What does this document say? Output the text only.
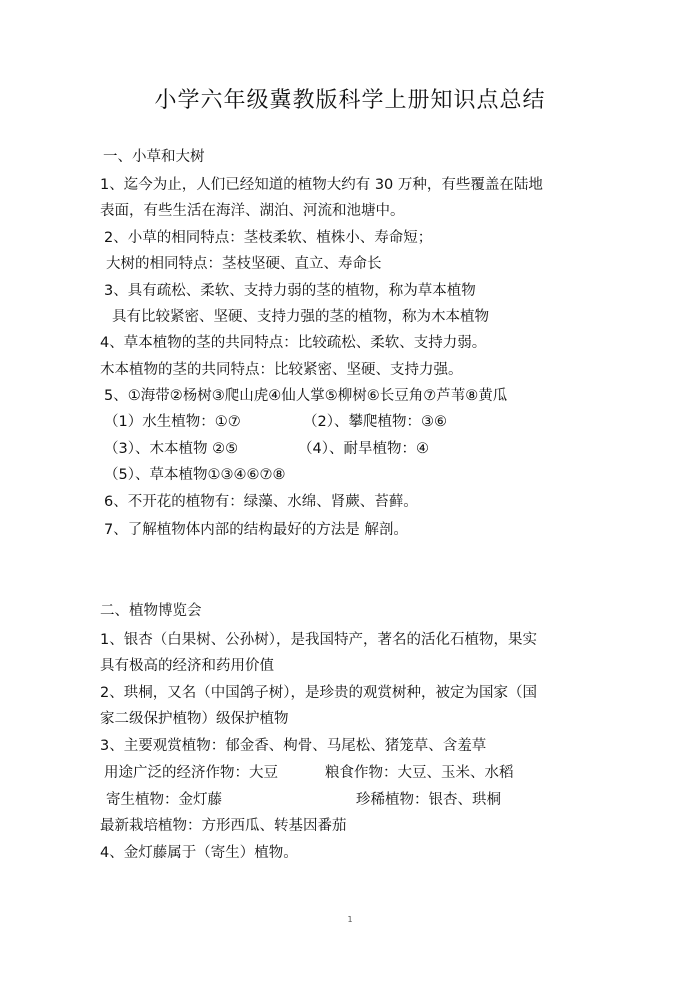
小学六年级冀教版科学上册知识点总结
一、小草和大树
1、迄今为止，人们已经知道的植物大约有 30 万种，有些覆盖在陆地
表面，有些生活在海洋、湖泊、河流和池塘中。
2、小草的相同特点：茎枝柔软、植株小、寿命短；
大树的相同特点：茎枝坚硬、直立、寿命长
3、具有疏松、柔软、支持力弱的茎的植物，称为草本植物
具有比较紧密、坚硬、支持力强的茎的植物，称为木本植物
4、草本植物的茎的共同特点：比较疏松、柔软、支持力弱。
木本植物的茎的共同特点：比较紧密、坚硬、支持力强。
5、①海带②杨树③爬山虎④仙人掌⑤柳树⑥长豆角⑦芦苇⑧黄瓜
（1）水生植物：①⑦	（2）、攀爬植物：③⑥
（3）、木本植物 ②⑤	（4）、耐旱植物：④
（5）、草本植物①③④⑥⑦⑧
6、不开花的植物有：绿藻、水绵、肾蕨、苔藓。
7、了解植物体内部的结构最好的方法是 解剖。
二、植物博览会
1、银杏（白果树、公孙树），是我国特产，著名的活化石植物，果实
具有极高的经济和药用价值
2、珙桐，又名（中国鸽子树），是珍贵的观赏树种，被定为国家（国
家二级保护植物）级保护植物
3、主要观赏植物：郁金香、枸骨、马尾松、猪笼草、含羞草
用途广泛的经济作物：大豆	粮食作物：大豆、玉米、水稻
寄生植物：金灯藤	珍稀植物：银杏、珙桐
最新栽培植物：方形西瓜、转基因番茄
4、金灯藤属于（寄生）植物。
1
